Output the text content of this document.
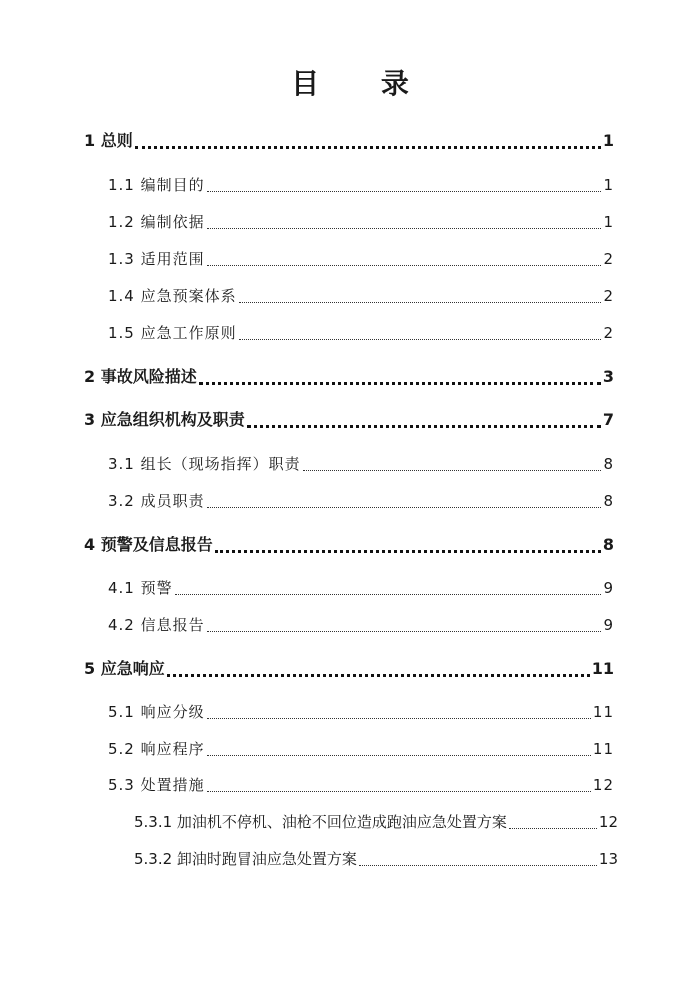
目 录
1 总则	1
1.1 编制目的	1
1.2 编制依据	1
1.3 适用范围	2
1.4 应急预案体系	2
1.5 应急工作原则	2
2 事故风险描述	3
3 应急组织机构及职责	7
3.1 组长（现场指挥）职责	8
3.2 成员职责	8
4 预警及信息报告	8
4.1 预警	9
4.2 信息报告	9
5 应急响应	11
5.1 响应分级	11
5.2 响应程序	11
5.3 处置措施	12
5.3.1 加油机不停机、油枪不回位造成跑油应急处置方案	12
5.3.2 卸油时跑冒油应急处置方案	13
